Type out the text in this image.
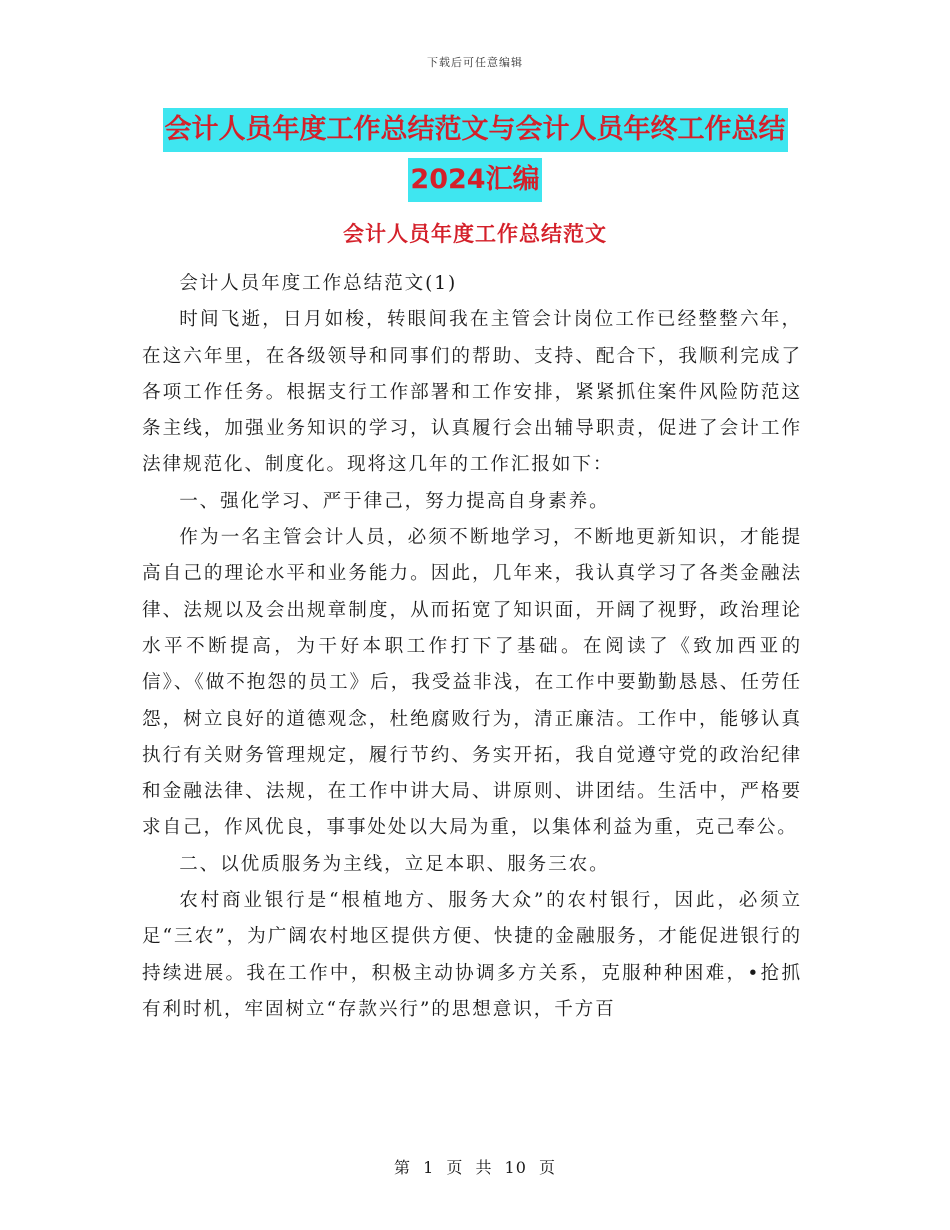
下载后可任意编辑
会计人员年度工作总结范文与会计人员年终工作总结
2024汇编
会计人员年度工作总结范文

会计人员年度工作总结范文(1)

时间飞逝，日月如梭，转眼间我在主管会计岗位工作已经整整六年，在这六年里，在各级领导和同事们的帮助、支持、配合下，我顺利完成了各项工作任务。根据支行工作部署和工作安排，紧紧抓住案件风险防范这条主线，加强业务知识的学习，认真履行会出辅导职责，促进了会计工作法律规范化、制度化。现将这几年的工作汇报如下：

一、强化学习、严于律己，努力提高自身素养。

作为一名主管会计人员，必须不断地学习，不断地更新知识，才能提高自己的理论水平和业务能力。因此，几年来，我认真学习了各类金融法律、法规以及会出规章制度，从而拓宽了知识面，开阔了视野，政治理论水平不断提高，为干好本职工作打下了基础。在阅读了《致加西亚的信》、《做不抱怨的员工》后，我受益非浅，在工作中要勤勤恳恳、任劳任怨，树立良好的道德观念，杜绝腐败行为，清正廉洁。工作中，能够认真执行有关财务管理规定，履行节约、务实开拓，我自觉遵守党的政治纪律和金融法律、法规，在工作中讲大局、讲原则、讲团结。生活中，严格要求自己，作风优良，事事处处以大局为重，以集体利益为重，克己奉公。

二、以优质服务为主线，立足本职、服务三农。

农村商业银行是“根植地方、服务大众”的农村银行，因此，必须立足“三农”，为广阔农村地区提供方便、快捷的金融服务，才能促进银行的持续进展。我在工作中，积极主动协调多方关系，克服种种困难，•抢抓有利时机，牢固树立“存款兴行”的思想意识，千方百

第 1 页 共 10 页
